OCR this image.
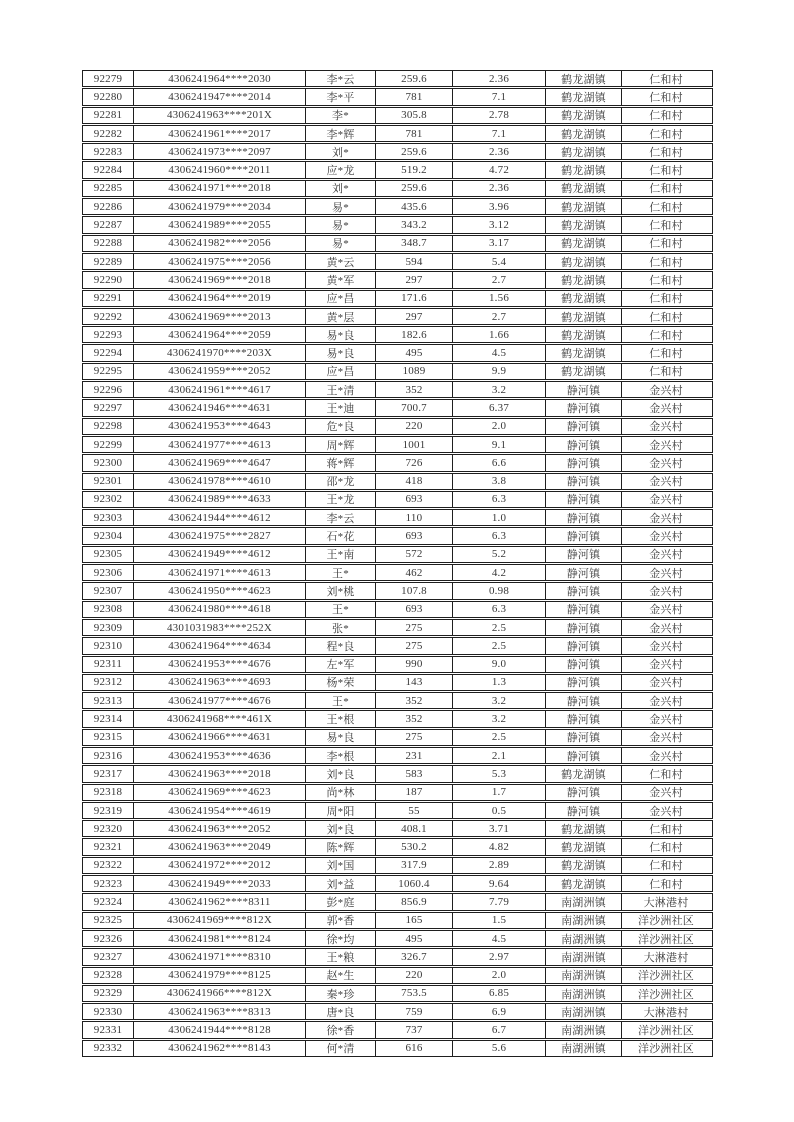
92279	4306241964****2030	李*云	259.6	2.36	鹤龙湖镇	仁和村
92280	4306241947****2014	李*平	781	7.1	鹤龙湖镇	仁和村
92281	4306241963****201X	李*	305.8	2.78	鹤龙湖镇	仁和村
92282	4306241961****2017	李*辉	781	7.1	鹤龙湖镇	仁和村
92283	4306241973****2097	刘*	259.6	2.36	鹤龙湖镇	仁和村
92284	4306241960****2011	应*龙	519.2	4.72	鹤龙湖镇	仁和村
92285	4306241971****2018	刘*	259.6	2.36	鹤龙湖镇	仁和村
92286	4306241979****2034	易*	435.6	3.96	鹤龙湖镇	仁和村
92287	4306241989****2055	易*	343.2	3.12	鹤龙湖镇	仁和村
92288	4306241982****2056	易*	348.7	3.17	鹤龙湖镇	仁和村
92289	4306241975****2056	黄*云	594	5.4	鹤龙湖镇	仁和村
92290	4306241969****2018	黄*军	297	2.7	鹤龙湖镇	仁和村
92291	4306241964****2019	应*昌	171.6	1.56	鹤龙湖镇	仁和村
92292	4306241969****2013	黄*层	297	2.7	鹤龙湖镇	仁和村
92293	4306241964****2059	易*良	182.6	1.66	鹤龙湖镇	仁和村
92294	4306241970****203X	易*良	495	4.5	鹤龙湖镇	仁和村
92295	4306241959****2052	应*昌	1089	9.9	鹤龙湖镇	仁和村
92296	4306241961****4617	王*清	352	3.2	静河镇	金兴村
92297	4306241946****4631	王*迪	700.7	6.37	静河镇	金兴村
92298	4306241953****4643	危*良	220	2.0	静河镇	金兴村
92299	4306241977****4613	周*辉	1001	9.1	静河镇	金兴村
92300	4306241969****4647	蒋*辉	726	6.6	静河镇	金兴村
92301	4306241978****4610	邵*龙	418	3.8	静河镇	金兴村
92302	4306241989****4633	王*龙	693	6.3	静河镇	金兴村
92303	4306241944****4612	李*云	110	1.0	静河镇	金兴村
92304	4306241975****2827	石*花	693	6.3	静河镇	金兴村
92305	4306241949****4612	王*南	572	5.2	静河镇	金兴村
92306	4306241971****4613	王*	462	4.2	静河镇	金兴村
92307	4306241950****4623	刘*桃	107.8	0.98	静河镇	金兴村
92308	4306241980****4618	王*	693	6.3	静河镇	金兴村
92309	4301031983****252X	张*	275	2.5	静河镇	金兴村
92310	4306241964****4634	程*良	275	2.5	静河镇	金兴村
92311	4306241953****4676	左*军	990	9.0	静河镇	金兴村
92312	4306241963****4693	杨*荣	143	1.3	静河镇	金兴村
92313	4306241977****4676	王*	352	3.2	静河镇	金兴村
92314	4306241968****461X	王*根	352	3.2	静河镇	金兴村
92315	4306241966****4631	易*良	275	2.5	静河镇	金兴村
92316	4306241953****4636	李*根	231	2.1	静河镇	金兴村
92317	4306241963****2018	刘*良	583	5.3	鹤龙湖镇	仁和村
92318	4306241969****4623	尚*林	187	1.7	静河镇	金兴村
92319	4306241954****4619	周*阳	55	0.5	静河镇	金兴村
92320	4306241963****2052	刘*良	408.1	3.71	鹤龙湖镇	仁和村
92321	4306241963****2049	陈*辉	530.2	4.82	鹤龙湖镇	仁和村
92322	4306241972****2012	刘*国	317.9	2.89	鹤龙湖镇	仁和村
92323	4306241949****2033	刘*益	1060.4	9.64	鹤龙湖镇	仁和村
92324	4306241962****8311	彭*庭	856.9	7.79	南湖洲镇	大淋港村
92325	4306241969****812X	郭*香	165	1.5	南湖洲镇	洋沙洲社区
92326	4306241981****8124	徐*均	495	4.5	南湖洲镇	洋沙洲社区
92327	4306241971****8310	王*粮	326.7	2.97	南湖洲镇	大淋港村
92328	4306241979****8125	赵*生	220	2.0	南湖洲镇	洋沙洲社区
92329	4306241966****812X	秦*珍	753.5	6.85	南湖洲镇	洋沙洲社区
92330	4306241963****8313	唐*良	759	6.9	南湖洲镇	大淋港村
92331	4306241944****8128	徐*香	737	6.7	南湖洲镇	洋沙洲社区
92332	4306241962****8143	何*清	616	5.6	南湖洲镇	洋沙洲社区
